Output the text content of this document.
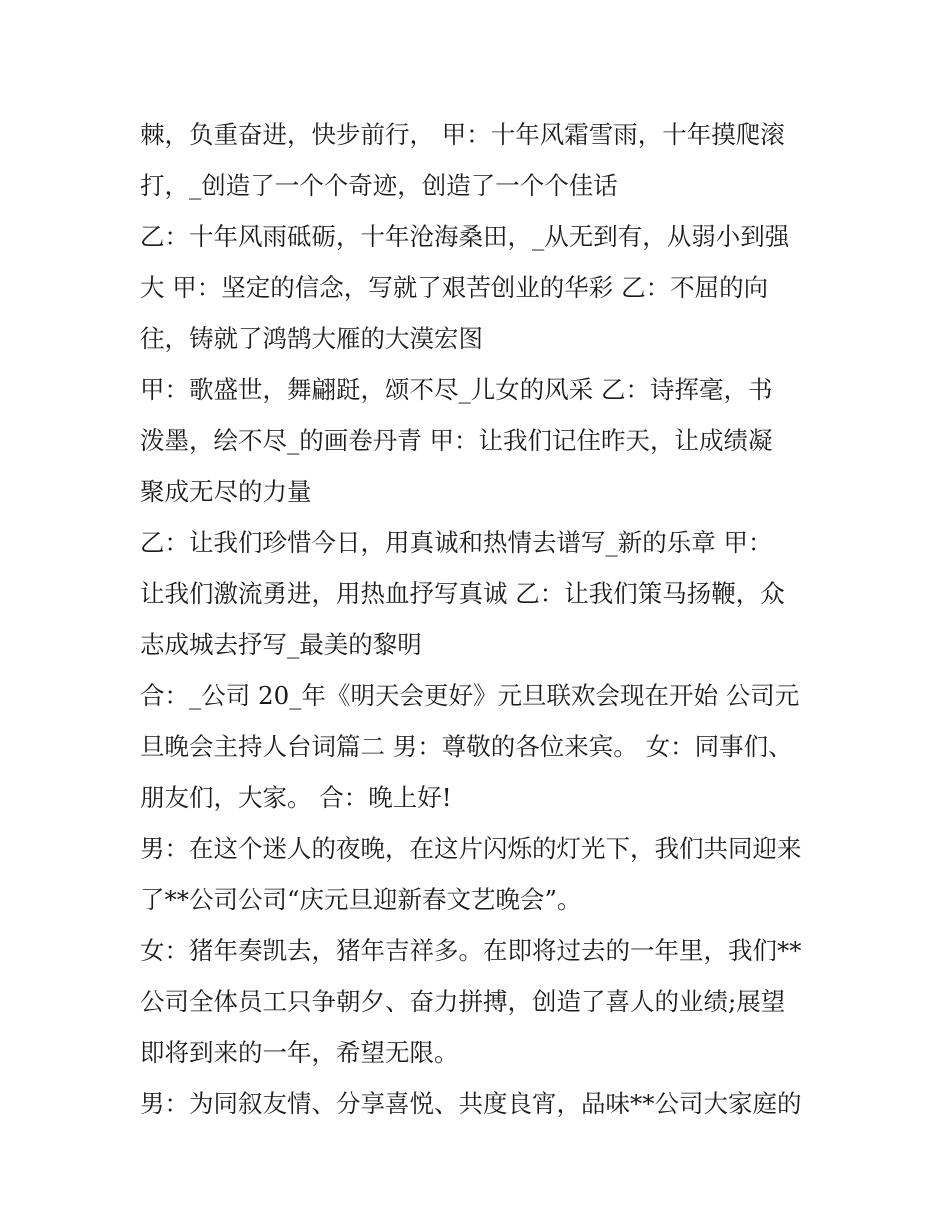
棘，负重奋进，快步前行， 甲：十年风霜雪雨，十年摸爬滚
打，_创造了一个个奇迹，创造了一个个佳话
乙：十年风雨砥砺，十年沧海桑田，_从无到有，从弱小到强
大 甲：坚定的信念，写就了艰苦创业的华彩 乙：不屈的向
往，铸就了鸿鹄大雁的大漠宏图
甲：歌盛世，舞翩跹，颂不尽_儿女的风采 乙：诗挥毫，书
泼墨，绘不尽_的画卷丹青 甲：让我们记住昨天，让成绩凝
聚成无尽的力量
乙：让我们珍惜今日，用真诚和热情去谱写_新的乐章 甲：
让我们激流勇进，用热血抒写真诚 乙：让我们策马扬鞭，众
志成城去抒写_最美的黎明
合：_公司 20_年《明天会更好》元旦联欢会现在开始 公司元
旦晚会主持人台词篇二 男：尊敬的各位来宾。 女：同事们、
朋友们，大家。 合：晚上好!
男：在这个迷人的夜晚，在这片闪烁的灯光下，我们共同迎来
了**公司公司“庆元旦迎新春文艺晚会”。
女：猪年奏凯去，猪年吉祥多。在即将过去的一年里，我们**
公司全体员工只争朝夕、奋力拼搏，创造了喜人的业绩;展望
即将到来的一年，希望无限。
男：为同叙友情、分享喜悦、共度良宵，品味**公司大家庭的
